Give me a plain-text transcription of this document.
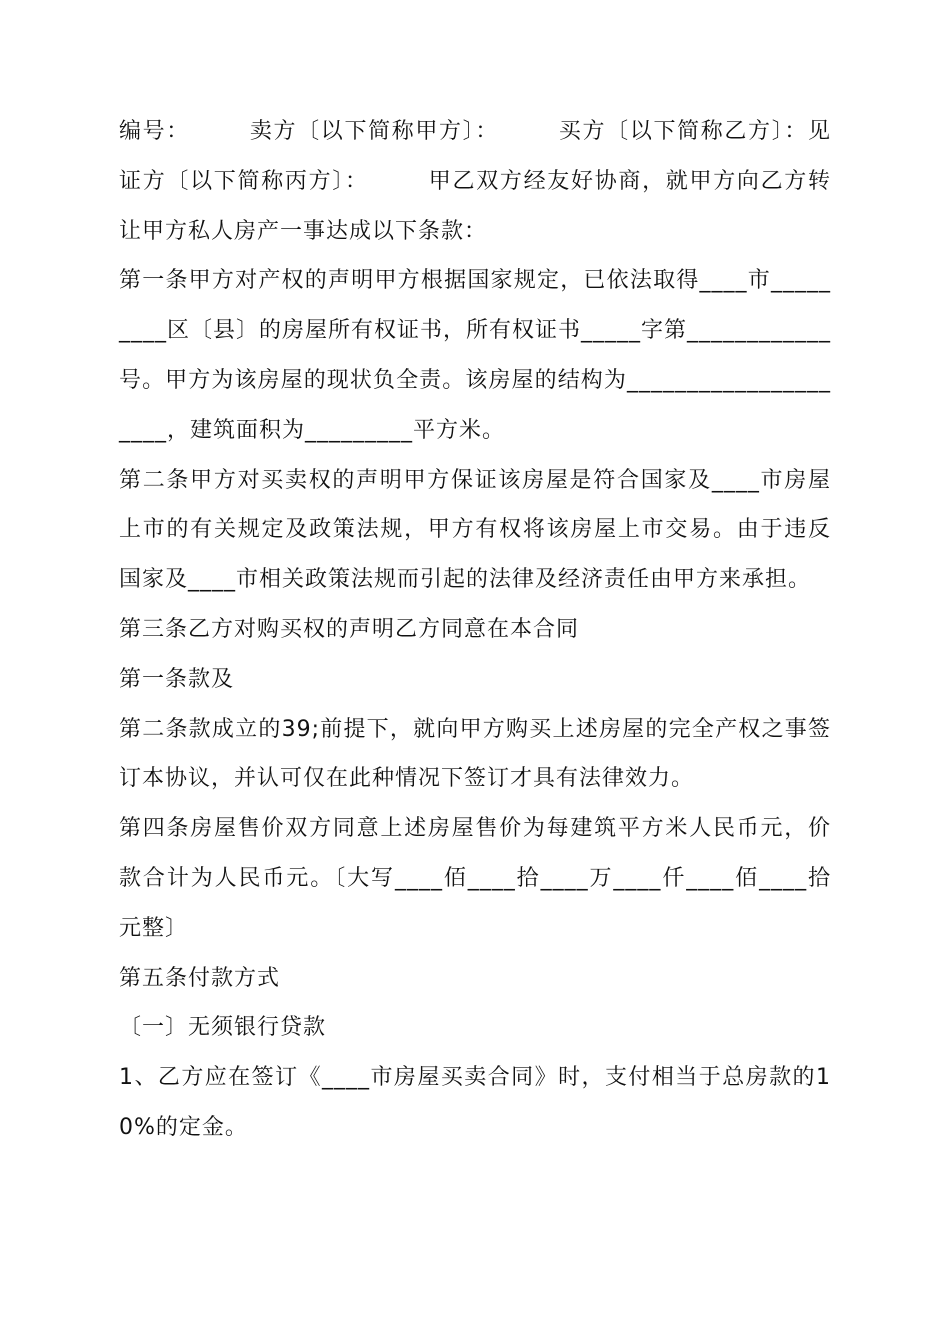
编号：　　　卖方〔以下简称甲方〕：　　　买方〔以下简称乙方〕：见证方〔以下简称丙方〕：　　　甲乙双方经友好协商，就甲方向乙方转让甲方私人房产一事达成以下条款：

第一条甲方对产权的声明甲方根据国家规定，已依法取得____市_________区〔县〕的房屋所有权证书，所有权证书_____字第____________号。甲方为该房屋的现状负全责。该房屋的结构为_____________________，建筑面积为_________平方米。

第二条甲方对买卖权的声明甲方保证该房屋是符合国家及____市房屋上市的有关规定及政策法规，甲方有权将该房屋上市交易。由于违反国家及____市相关政策法规而引起的法律及经济责任由甲方来承担。

第三条乙方对购买权的声明乙方同意在本合同

第一条款及

第二条款成立的39;前提下，就向甲方购买上述房屋的完全产权之事签订本协议，并认可仅在此种情况下签订才具有法律效力。

第四条房屋售价双方同意上述房屋售价为每建筑平方米人民币元，价款合计为人民币元。〔大写____佰____拾____万____仟____佰____拾元整〕

第五条付款方式

〔一〕无须银行贷款

1、乙方应在签订《____市房屋买卖合同》时，支付相当于总房款的10%的定金。
